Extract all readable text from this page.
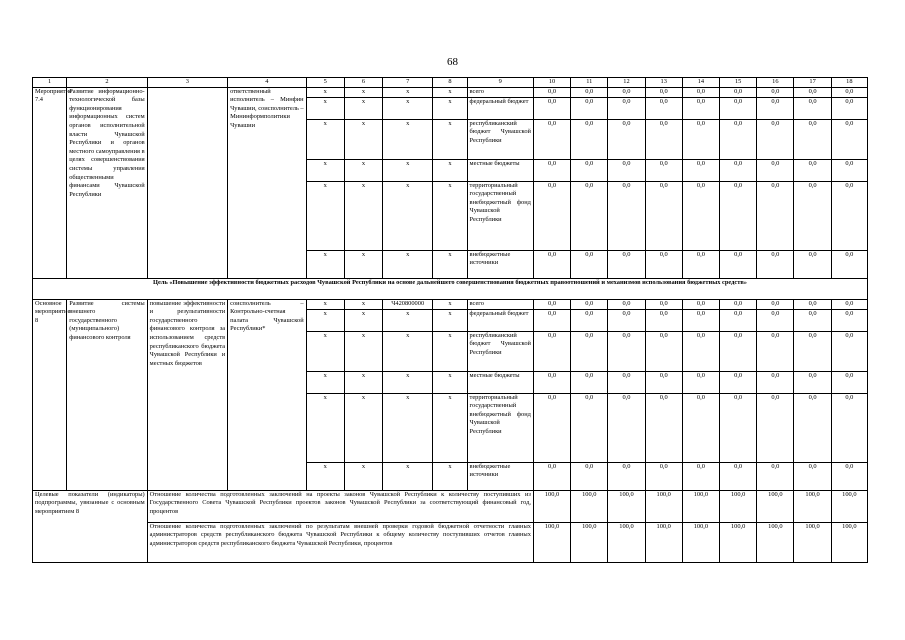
68
1	2	3	4	5	6	7	8	9	10	11	12	13	14	15	16	17	18
Мероприятие 7.4	Развитие информационно-технологической базы функционирования информационных систем органов исполнительной власти Чувашской Республики и органов местного самоуправления в целях совершенствования системы управления общественными финансами Чувашской Республики		ответственный исполнитель – Минфин Чувашии, соисполнитель – Мининформполитики Чувашии	x	x	x	x	всего	0,0	0,0	0,0	0,0	0,0	0,0	0,0	0,0	0,0
				x	x	x	x	федеральный бюджет	0,0	0,0	0,0	0,0	0,0	0,0	0,0	0,0	0,0
				x	x	x	x	республиканский бюджет Чувашской Республики	0,0	0,0	0,0	0,0	0,0	0,0	0,0	0,0	0,0
				x	x	x	x	местные бюджеты	0,0	0,0	0,0	0,0	0,0	0,0	0,0	0,0	0,0
				x	x	x	x	территориальный государственный внебюджетный фонд Чувашской Республики	0,0	0,0	0,0	0,0	0,0	0,0	0,0	0,0	0,0
				x	x	x	x	внебюджетные источники	0,0	0,0	0,0	0,0	0,0	0,0	0,0	0,0	0,0
Цель «Повышение эффективности бюджетных расходов Чувашской Республики на основе дальнейшего совершенствования бюджетных правоотношений и механизмов использования бюджетных средств»																	
Основное мероприятие 8	Развитие системы внешнего государственного (муниципального) финансового контроля	повышение эффективности и результативности государственного финансового контроля за использованием средств республиканского бюджета Чувашской Республики и местных бюджетов	соисполнитель – Контрольно-счетная палата Чувашской Республики*	x	x	Ч420800000	x	всего	0,0	0,0	0,0	0,0	0,0	0,0	0,0	0,0	0,0
				x	x	x	x	федеральный бюджет	0,0	0,0	0,0	0,0	0,0	0,0	0,0	0,0	0,0
				x	x	x	x	республиканский бюджет Чувашской Республики	0,0	0,0	0,0	0,0	0,0	0,0	0,0	0,0	0,0
				x	x	x	x	местные бюджеты	0,0	0,0	0,0	0,0	0,0	0,0	0,0	0,0	0,0
				x	x	x	x	территориальный государственный внебюджетный фонд Чувашской Республики	0,0	0,0	0,0	0,0	0,0	0,0	0,0	0,0	0,0
				x	x	x	x	внебюджетные источники	0,0	0,0	0,0	0,0	0,0	0,0	0,0	0,0	0,0
Целевые показатели (индикаторы) подпрограммы, увязанные с основным мероприятием 8		Отношение количества подготовленных заключений на проекты законов Чувашской Республики к количеству поступивших из Государственного Совета Чувашской Республики проектов законов Чувашской Республики за соответствующий финансовый год, процентов							100,0	100,0	100,0	100,0	100,0	100,0	100,0	100,0	100,0
		Отношение количества подготовленных заключений по результатам внешней проверки годовой бюджетной отчетности главных администраторов средств республиканского бюджета Чувашской Республики к общему количеству поступивших отчетов главных администраторов средств республиканского бюджета Чувашской Республики, процентов							100,0	100,0	100,0	100,0	100,0	100,0	100,0	100,0	100,0
